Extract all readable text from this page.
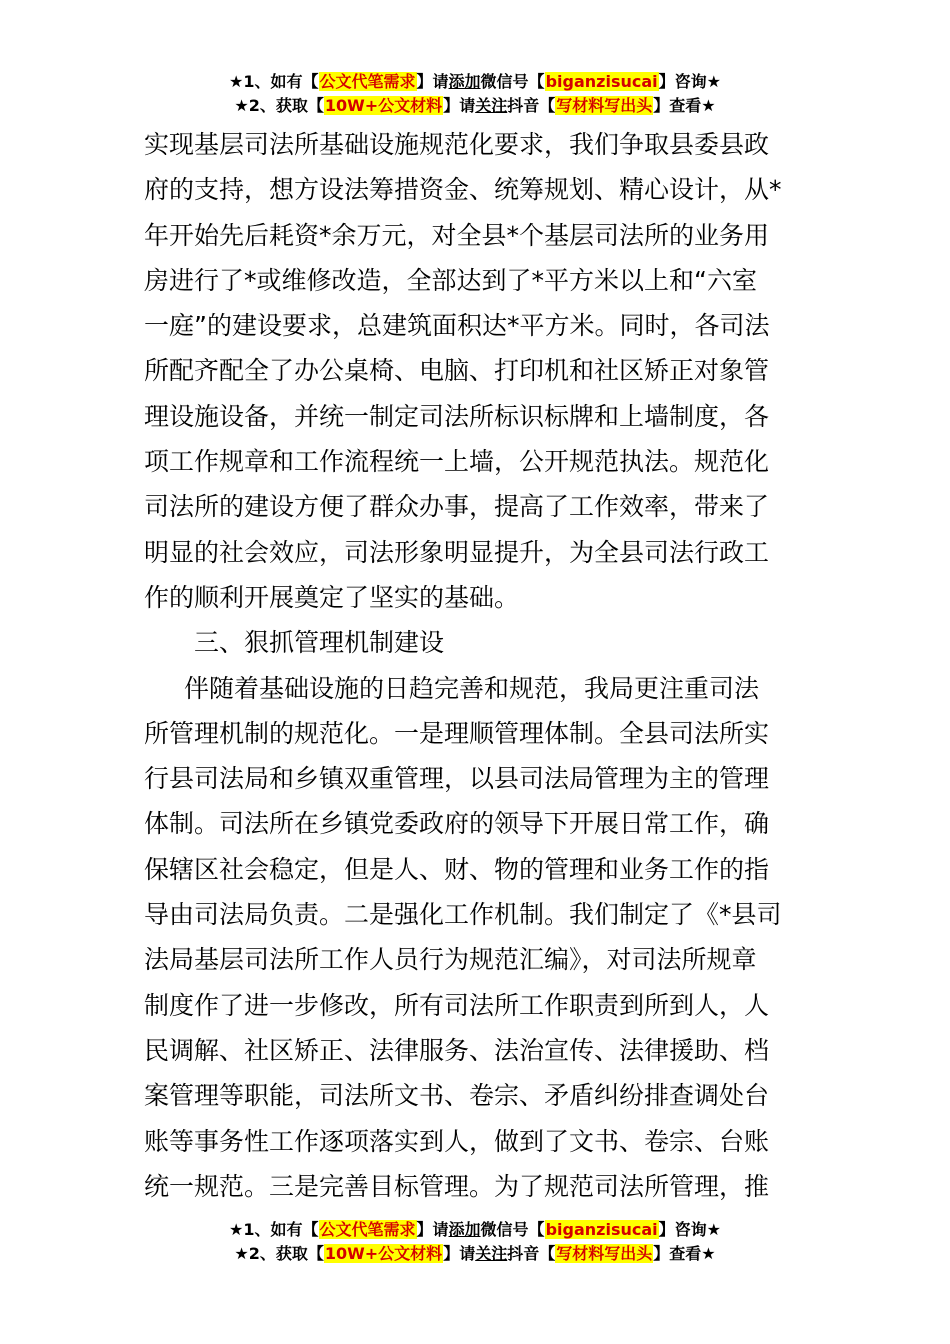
★1、如有【公文代笔需求】请添加微信号【biganzisucai】咨询★
★2、获取【10W+公文材料】请关注抖音【写材料写出头】查看★
实现基层司法所基础设施规范化要求，我们争取县委县政
府的支持，想方设法筹措资金、统筹规划、精心设计，从*
年开始先后耗资*余万元，对全县*个基层司法所的业务用
房进行了*或维修改造，全部达到了*平方米以上和“六室
一庭”的建设要求，总建筑面积达*平方米。同时，各司法
所配齐配全了办公桌椅、电脑、打印机和社区矫正对象管
理设施设备，并统一制定司法所标识标牌和上墙制度，各
项工作规章和工作流程统一上墙，公开规范执法。规范化
司法所的建设方便了群众办事，提高了工作效率，带来了
明显的社会效应，司法形象明显提升，为全县司法行政工
作的顺利开展奠定了坚实的基础。
三、狠抓管理机制建设
伴随着基础设施的日趋完善和规范，我局更注重司法
所管理机制的规范化。一是理顺管理体制。全县司法所实
行县司法局和乡镇双重管理，以县司法局管理为主的管理
体制。司法所在乡镇党委政府的领导下开展日常工作，确
保辖区社会稳定，但是人、财、物的管理和业务工作的指
导由司法局负责。二是强化工作机制。我们制定了《*县司
法局基层司法所工作人员行为规范汇编》，对司法所规章
制度作了进一步修改，所有司法所工作职责到所到人，人
民调解、社区矫正、法律服务、法治宣传、法律援助、档
案管理等职能，司法所文书、卷宗、矛盾纠纷排查调处台
账等事务性工作逐项落实到人，做到了文书、卷宗、台账
统一规范。三是完善目标管理。为了规范司法所管理，推
★1、如有【公文代笔需求】请添加微信号【biganzisucai】咨询★
★2、获取【10W+公文材料】请关注抖音【写材料写出头】查看★
